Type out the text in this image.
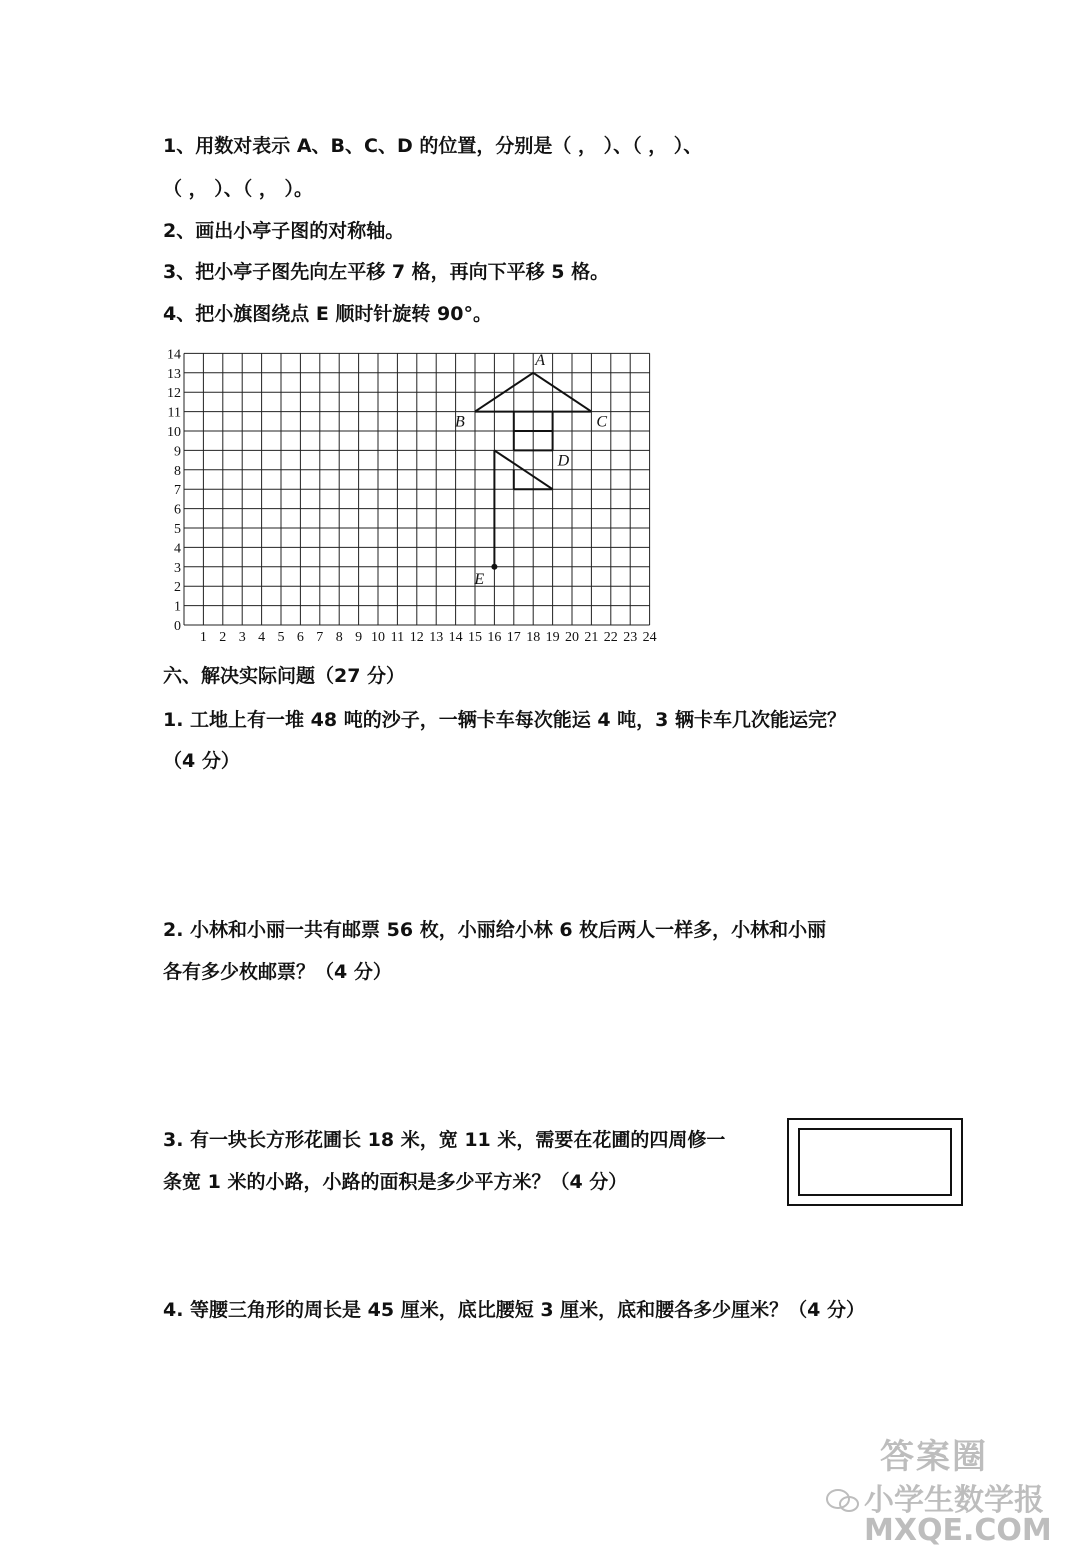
1、用数对表示 A、B、C、D 的位置，分别是（ ， ）、（ ， ）、
（ ， ）、（ ， ）。
2、画出小亭子图的对称轴。
3、把小亭子图先向左平移 7 格，再向下平移 5 格。
4、把小旗图绕点 E 顺时针旋转 90°。
1 2 3 4 5 6 7 8 9 10 11 12 13 14 15 16 17 18 19 20 21 22 23 24
0
1
2
3
4
5
6
7
8
9
10
11
12
13
14	A
B	C
D
E
六、解决实际问题（27 分）
1. 工地上有一堆 48 吨的沙子，一辆卡车每次能运 4 吨，3 辆卡车几次能运完？
（4 分）
2. 小林和小丽一共有邮票 56 枚，小丽给小林 6 枚后两人一样多，小林和小丽
各有多少枚邮票？（4 分）
3. 有一块长方形花圃长 18 米，宽 11 米，需要在花圃的四周修一
条宽 1 米的小路，小路的面积是多少平方米？（4 分）
4. 等腰三角形的周长是 45 厘米，底比腰短 3 厘米，底和腰各多少厘米？（4 分）
答案圈
小学生数学报 MXQE.COM
